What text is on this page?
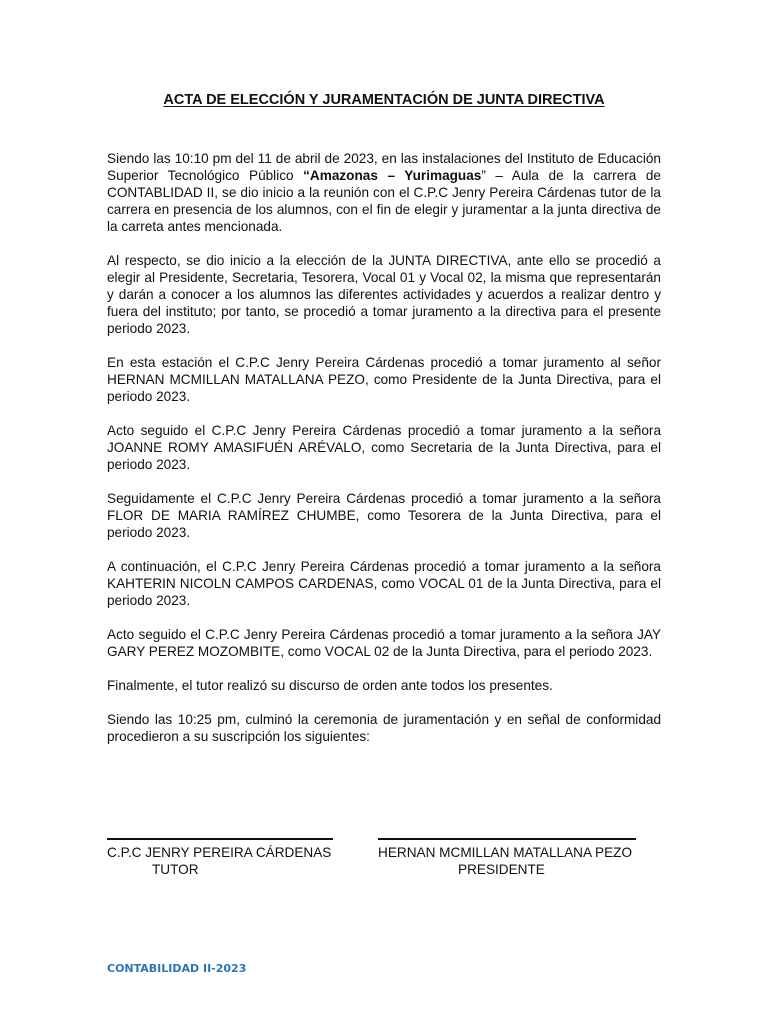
ACTA DE ELECCIÓN Y JURAMENTACIÓN DE JUNTA DIRECTIVA

Siendo las 10:10 pm del 11 de abril de 2023, en las instalaciones del Instituto de Educación Superior Tecnológico Público “Amazonas – Yurimaguas” – Aula de la carrera de CONTABLIDAD II, se dio inicio a la reunión con el C.P.C Jenry Pereira Cárdenas tutor de la carrera en presencia de los alumnos, con el fin de elegir y juramentar a la junta directiva de la carreta antes mencionada.

Al respecto, se dio inicio a la elección de la JUNTA DIRECTIVA, ante ello se procedió a elegir al Presidente, Secretaria, Tesorera, Vocal 01 y Vocal 02, la misma que representarán y darán a conocer a los alumnos las diferentes actividades y acuerdos a realizar dentro y fuera del instituto; por tanto, se procedió a tomar juramento a la directiva para el presente periodo 2023.

En esta estación el C.P.C Jenry Pereira Cárdenas procedió a tomar juramento al señor HERNAN MCMILLAN MATALLANA PEZO, como Presidente de la Junta Directiva, para el periodo 2023.

Acto seguido el C.P.C Jenry Pereira Cárdenas procedió a tomar juramento a la señora JOANNE ROMY AMASIFUÉN ARÉVALO, como Secretaria de la Junta Directiva, para el periodo 2023.

Seguidamente el C.P.C Jenry Pereira Cárdenas procedió a tomar juramento a la señora FLOR DE MARIA RAMÍREZ CHUMBE, como Tesorera de la Junta Directiva, para el periodo 2023.

A continuación, el C.P.C Jenry Pereira Cárdenas procedió a tomar juramento a la señora KAHTERIN NICOLN CAMPOS CARDENAS, como VOCAL 01 de la Junta Directiva, para el periodo 2023.

Acto seguido el C.P.C Jenry Pereira Cárdenas procedió a tomar juramento a la señora JAY GARY PEREZ MOZOMBITE, como VOCAL 02 de la Junta Directiva, para el periodo 2023.

Finalmente, el tutor realizó su discurso de orden ante todos los presentes.

Siendo las 10:25 pm, culminó la ceremonia de juramentación y en señal de conformidad procedieron a su suscripción los siguientes:

C.P.C JENRY PEREIRA CÁRDENAS
TUTOR
HERNAN MCMILLAN MATALLANA PEZO
PRESIDENTE
CONTABILIDAD II-2023
